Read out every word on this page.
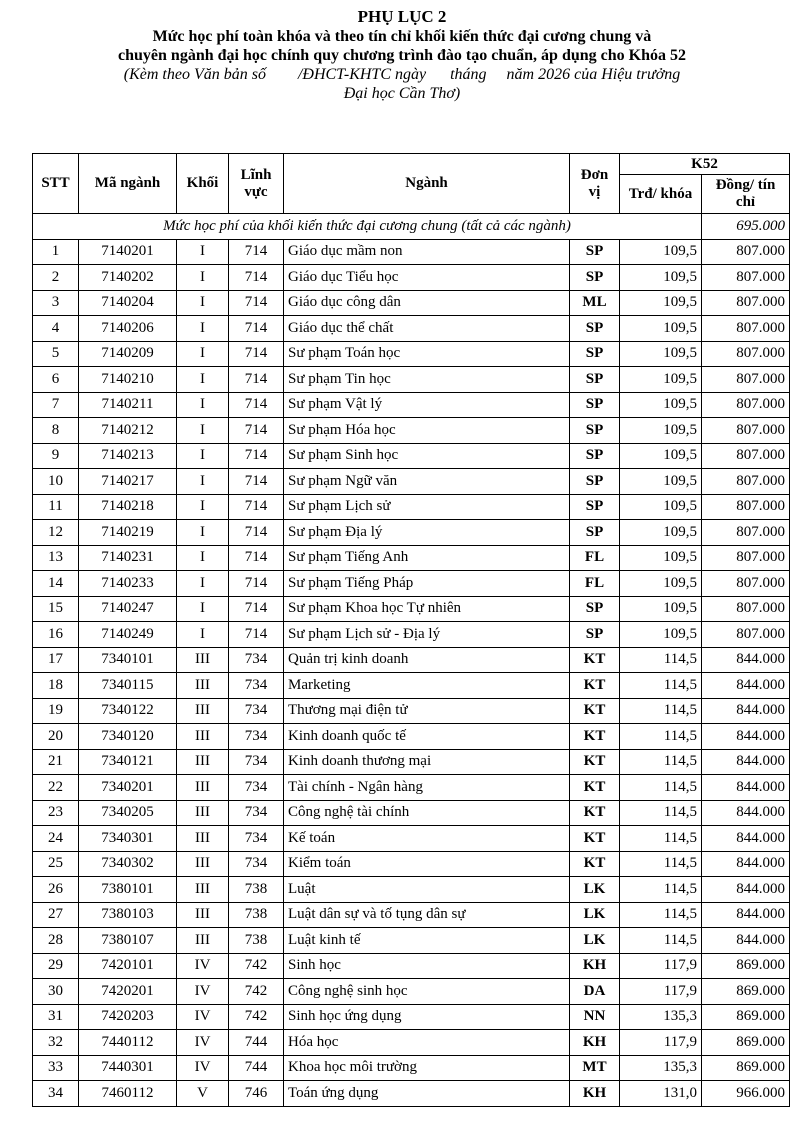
PHỤ LỤC 2
Mức học phí toàn khóa và theo tín chỉ khối kiến thức đại cương chung và
chuyên ngành đại học chính quy chương trình đào tạo chuẩn, áp dụng cho Khóa 52
(Kèm theo Văn bản số        /ĐHCT-KHTC ngày      tháng     năm 2026 của Hiệu trưởng
Đại học Cần Thơ)
STT	Mã ngành	Khối	Lĩnh vực	Ngành	Đơn vị	K52	
						Trđ/ khóa	Đồng/ tín chỉ
Mức học phí của khối kiến thức đại cương chung (tất cả các ngành)							695.000
1	7140201	I	714	Giáo dục mầm non	SP	109,5	807.000
2	7140202	I	714	Giáo dục Tiểu học	SP	109,5	807.000
3	7140204	I	714	Giáo dục công dân	ML	109,5	807.000
4	7140206	I	714	Giáo dục thể chất	SP	109,5	807.000
5	7140209	I	714	Sư phạm Toán học	SP	109,5	807.000
6	7140210	I	714	Sư phạm Tin học	SP	109,5	807.000
7	7140211	I	714	Sư phạm Vật lý	SP	109,5	807.000
8	7140212	I	714	Sư phạm Hóa học	SP	109,5	807.000
9	7140213	I	714	Sư phạm Sinh học	SP	109,5	807.000
10	7140217	I	714	Sư phạm Ngữ văn	SP	109,5	807.000
11	7140218	I	714	Sư phạm Lịch sử	SP	109,5	807.000
12	7140219	I	714	Sư phạm Địa lý	SP	109,5	807.000
13	7140231	I	714	Sư phạm Tiếng Anh	FL	109,5	807.000
14	7140233	I	714	Sư phạm Tiếng Pháp	FL	109,5	807.000
15	7140247	I	714	Sư phạm Khoa học Tự nhiên	SP	109,5	807.000
16	7140249	I	714	Sư phạm Lịch sử - Địa lý	SP	109,5	807.000
17	7340101	III	734	Quản trị kinh doanh	KT	114,5	844.000
18	7340115	III	734	Marketing	KT	114,5	844.000
19	7340122	III	734	Thương mại điện tử	KT	114,5	844.000
20	7340120	III	734	Kinh doanh quốc tế	KT	114,5	844.000
21	7340121	III	734	Kinh doanh thương mại	KT	114,5	844.000
22	7340201	III	734	Tài chính - Ngân hàng	KT	114,5	844.000
23	7340205	III	734	Công nghệ tài chính	KT	114,5	844.000
24	7340301	III	734	Kế toán	KT	114,5	844.000
25	7340302	III	734	Kiểm toán	KT	114,5	844.000
26	7380101	III	738	Luật	LK	114,5	844.000
27	7380103	III	738	Luật dân sự và tố tụng dân sự	LK	114,5	844.000
28	7380107	III	738	Luật kinh tế	LK	114,5	844.000
29	7420101	IV	742	Sinh học	KH	117,9	869.000
30	7420201	IV	742	Công nghệ sinh học	DA	117,9	869.000
31	7420203	IV	742	Sinh học ứng dụng	NN	135,3	869.000
32	7440112	IV	744	Hóa học	KH	117,9	869.000
33	7440301	IV	744	Khoa học môi trường	MT	135,3	869.000
34	7460112	V	746	Toán ứng dụng	KH	131,0	966.000
